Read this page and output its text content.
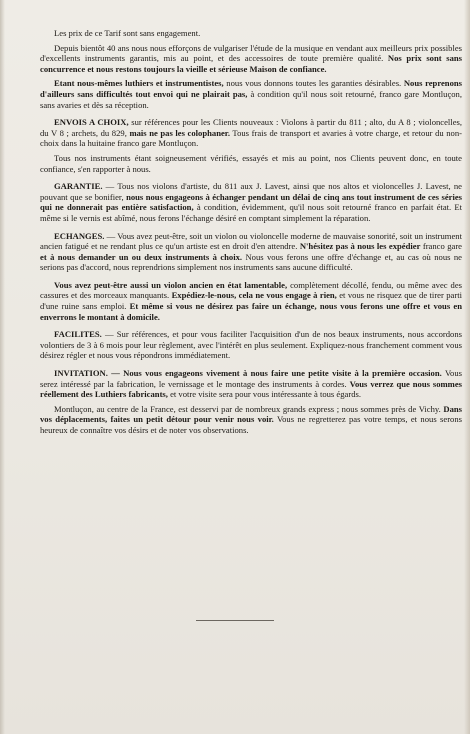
Les prix de ce Tarif sont sans engagement.

Depuis bientôt 40 ans nous nous efforçons de vulgariser l'étude de la musique en vendant aux meilleurs prix possibles d'excellents instruments garantis, mis au point, et des accessoires de toute première qualité. Nos prix sont sans concurrence et nous restons toujours la vieille et sérieuse Maison de confiance.

Etant nous-mêmes luthiers et instrumentistes, nous vous donnons toutes les garanties désirables. Nous reprenons d'ailleurs sans difficultés tout envoi qui ne plairait pas, à condition qu'il nous soit retourné, franco gare Montluçon, sans avaries et dès sa réception.

ENVOIS A CHOIX, sur références pour les Clients nouveaux : Violons à partir du 811 ; alto, du A 8 ; violoncelles, du V 8 ; archets, du 829, mais ne pas les colophaner. Tous frais de transport et avaries à votre charge, et retour du non-choix dans la huitaine franco gare Montluçon.

Tous nos instruments étant soigneusement vérifiés, essayés et mis au point, nos Clients peuvent donc, en toute confiance, s'en rapporter à nous.

GARANTIE. — Tous nos violons d'artiste, du 811 aux J. Lavest, ainsi que nos altos et violoncelles J. Lavest, ne pouvant que se bonifier, nous nous engageons à échanger pendant un délai de cinq ans tout instrument de ces séries qui ne donnerait pas entière satisfaction, à condition, évidemment, qu'il nous soit retourné franco en parfait état. Et même si le vernis est abîmé, nous ferons l'échange désiré en comptant simplement la réparation.

ECHANGES. — Vous avez peut-être, soit un violon ou violoncelle moderne de mauvaise sonorité, soit un instrument ancien fatigué et ne rendant plus ce qu'un artiste est en droit d'en attendre. N'hésitez pas à nous les expédier franco gare et à nous demander un ou deux instruments à choix. Nous vous ferons une offre d'échange et, au cas où nous ne serions pas d'accord, nous reprendrions simplement nos instruments sans aucune difficulté.

Vous avez peut-être aussi un violon ancien en état lamentable, complètement décollé, fendu, ou même avec des cassures et des morceaux manquants. Expédiez-le-nous, cela ne vous engage à rien, et vous ne risquez que de tirer parti d'une ruine sans emploi. Et même si vous ne désirez pas faire un échange, nous vous ferons une offre et vous en enverrons le montant à domicile.

FACILITES. — Sur références, et pour vous faciliter l'acquisition d'un de nos beaux instruments, nous accordons volontiers de 3 à 6 mois pour leur règlement, avec l'intérêt en plus seulement. Expliquez-nous franchement comment vous désirez régler et nous vous répondrons immédiatement.

INVITATION. — Nous vous engageons vivement à nous faire une petite visite à la première occasion. Vous serez intéressé par la fabrication, le vernissage et le montage des instruments à cordes. Vous verrez que nous sommes réellement des Luthiers fabricants, et votre visite sera pour vous intéressante à tous égards.

Montluçon, au centre de la France, est desservi par de nombreux grands express ; nous sommes près de Vichy. Dans vos déplacements, faites un petit détour pour venir nous voir. Vous ne regretterez pas votre temps, et nous serons heureux de connaître vos désirs et de noter vos observations.
